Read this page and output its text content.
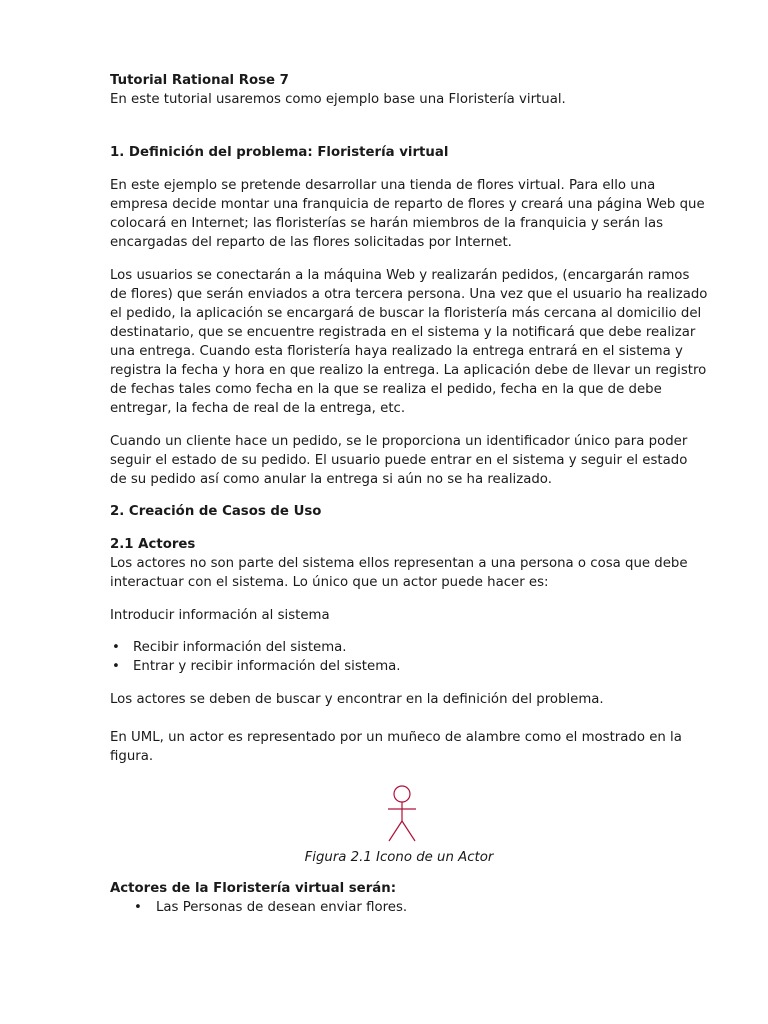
Tutorial Rational Rose 7
En este tutorial usaremos como ejemplo base una Floristería virtual.
1. Definición del problema: Floristería virtual
En este ejemplo se pretende desarrollar una tienda de flores virtual. Para ello una empresa decide montar una franquicia de reparto de flores y creará una página Web que colocará en Internet; las floristerías se harán miembros de la franquicia y serán las encargadas del reparto de las flores solicitadas por Internet.
Los usuarios se conectarán a la máquina Web y realizarán pedidos, (encargarán ramos de flores) que serán enviados a otra tercera persona. Una vez que el usuario ha realizado el pedido, la aplicación se encargará de buscar la floristería más cercana al domicilio del destinatario, que se encuentre registrada en el sistema y la notificará que debe realizar una entrega. Cuando esta floristería haya realizado la entrega entrará en el sistema y registra la fecha y hora en que realizo la entrega. La aplicación debe de llevar un registro de fechas tales como fecha en la que se realiza el pedido, fecha en la que de debe entregar, la fecha de real de la entrega, etc.
Cuando un cliente hace un pedido, se le proporciona un identificador único para poder seguir el estado de su pedido. El usuario puede entrar en el sistema y seguir el estado de su pedido así como anular la entrega si aún no se ha realizado.
2. Creación de Casos de Uso
2.1 Actores
Los actores no son parte del sistema ellos representan a una persona o cosa que debe interactuar con el sistema. Lo único que un actor puede hacer es:
Introducir información al sistema
• Recibir información del sistema.
• Entrar y recibir información del sistema.
Los actores se deben de buscar y encontrar en la definición del problema.
En UML, un actor es representado por un muñeco de alambre como el mostrado en la figura.
Figura 2.1 Icono de un Actor
Actores de la Floristería virtual serán:
• Las Personas de desean enviar flores.
